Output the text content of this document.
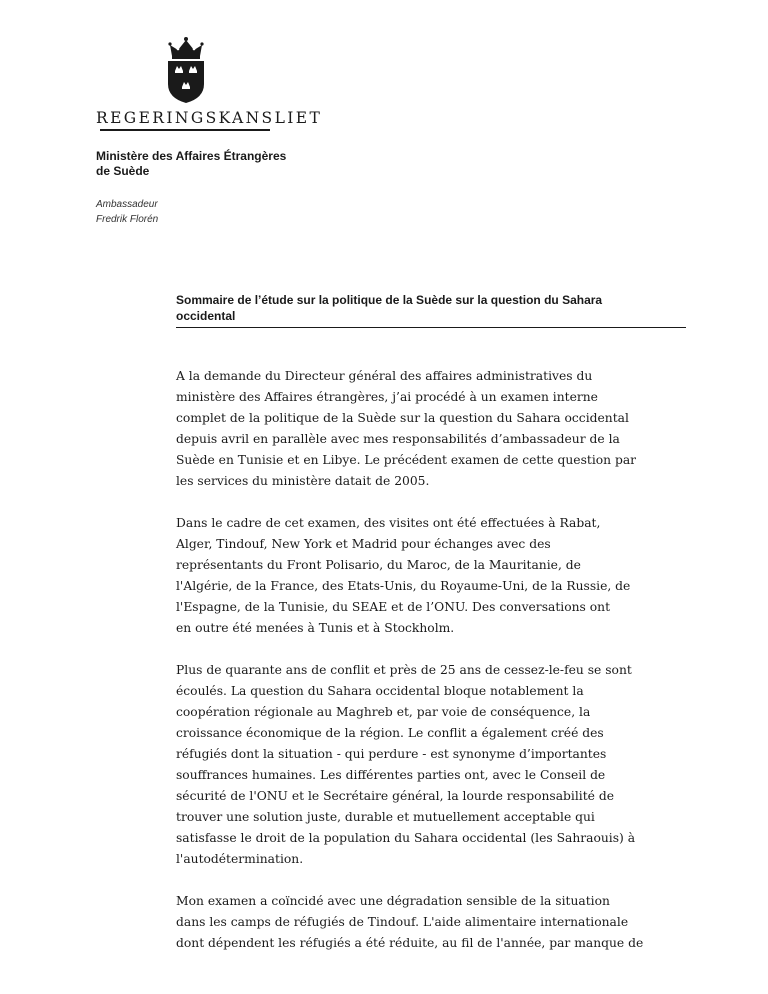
REGERINGSKANSLIET
Ministère des Affaires Étrangères
de Suède
Ambassadeur
Fredrik Florén
Sommaire de l’étude sur la politique de la Suède sur la question du Sahara
occidental

A la demande du Directeur général des affaires administratives du
ministère des Affaires étrangères, j’ai procédé à un examen interne
complet de la politique de la Suède sur la question du Sahara occidental
depuis avril en parallèle avec mes responsabilités d’ambassadeur de la
Suède en Tunisie et en Libye. Le précédent examen de cette question par
les services du ministère datait de 2005.

Dans le cadre de cet examen, des visites ont été effectuées à Rabat,
Alger, Tindouf, New York et Madrid pour échanges avec des
représentants du Front Polisario, du Maroc, de la Mauritanie, de
l'Algérie, de la France, des Etats-Unis, du Royaume-Uni, de la Russie, de
l'Espagne, de la Tunisie, du SEAE et de l’ONU. Des conversations ont
en outre été menées à Tunis et à Stockholm.

Plus de quarante ans de conflit et près de 25 ans de cessez-le-feu se sont
écoulés. La question du Sahara occidental bloque notablement la
coopération régionale au Maghreb et, par voie de conséquence, la
croissance économique de la région. Le conflit a également créé des
réfugiés dont la situation - qui perdure - est synonyme d’importantes
souffrances humaines. Les différentes parties ont, avec le Conseil de
sécurité de l'ONU et le Secrétaire général, la lourde responsabilité de
trouver une solution juste, durable et mutuellement acceptable qui
satisfasse le droit de la population du Sahara occidental (les Sahraouis) à
l'autodétermination.

Mon examen a coïncidé avec une dégradation sensible de la situation
dans les camps de réfugiés de Tindouf. L'aide alimentaire internationale
dont dépendent les réfugiés a été réduite, au fil de l'année, par manque de
